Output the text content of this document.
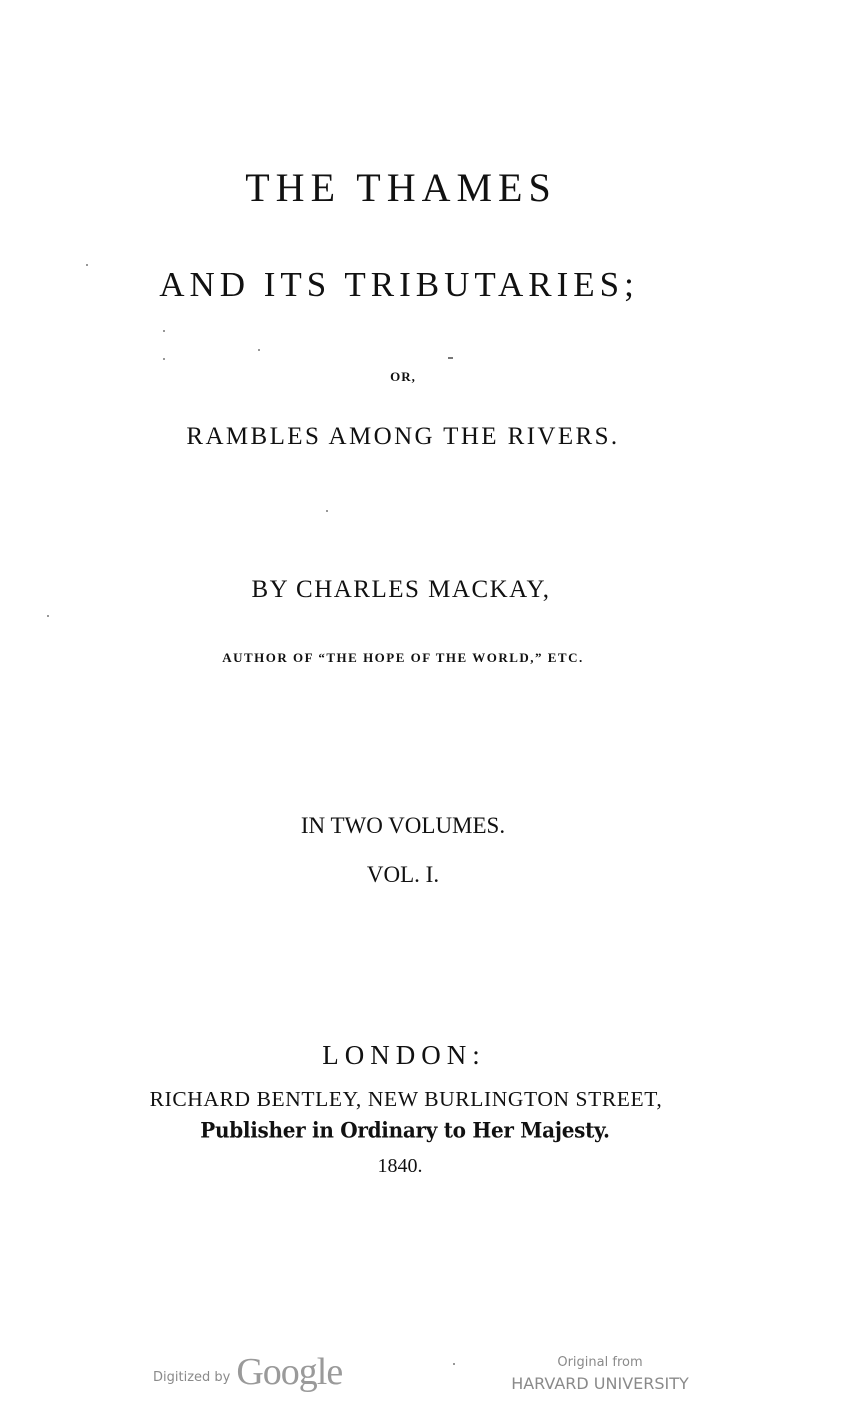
THE THAMES
AND ITS TRIBUTARIES;
OR,
RAMBLES AMONG THE RIVERS.
BY CHARLES MACKAY,
AUTHOR OF “THE HOPE OF THE WORLD,” ETC.
IN TWO VOLUMES.
VOL. I.
LONDON:
RICHARD BENTLEY, NEW BURLINGTON STREET,
Publisher in Ordinary to Her Majesty.
1840.
Digitized by Google	Original from
HARVARD UNIVERSITY
